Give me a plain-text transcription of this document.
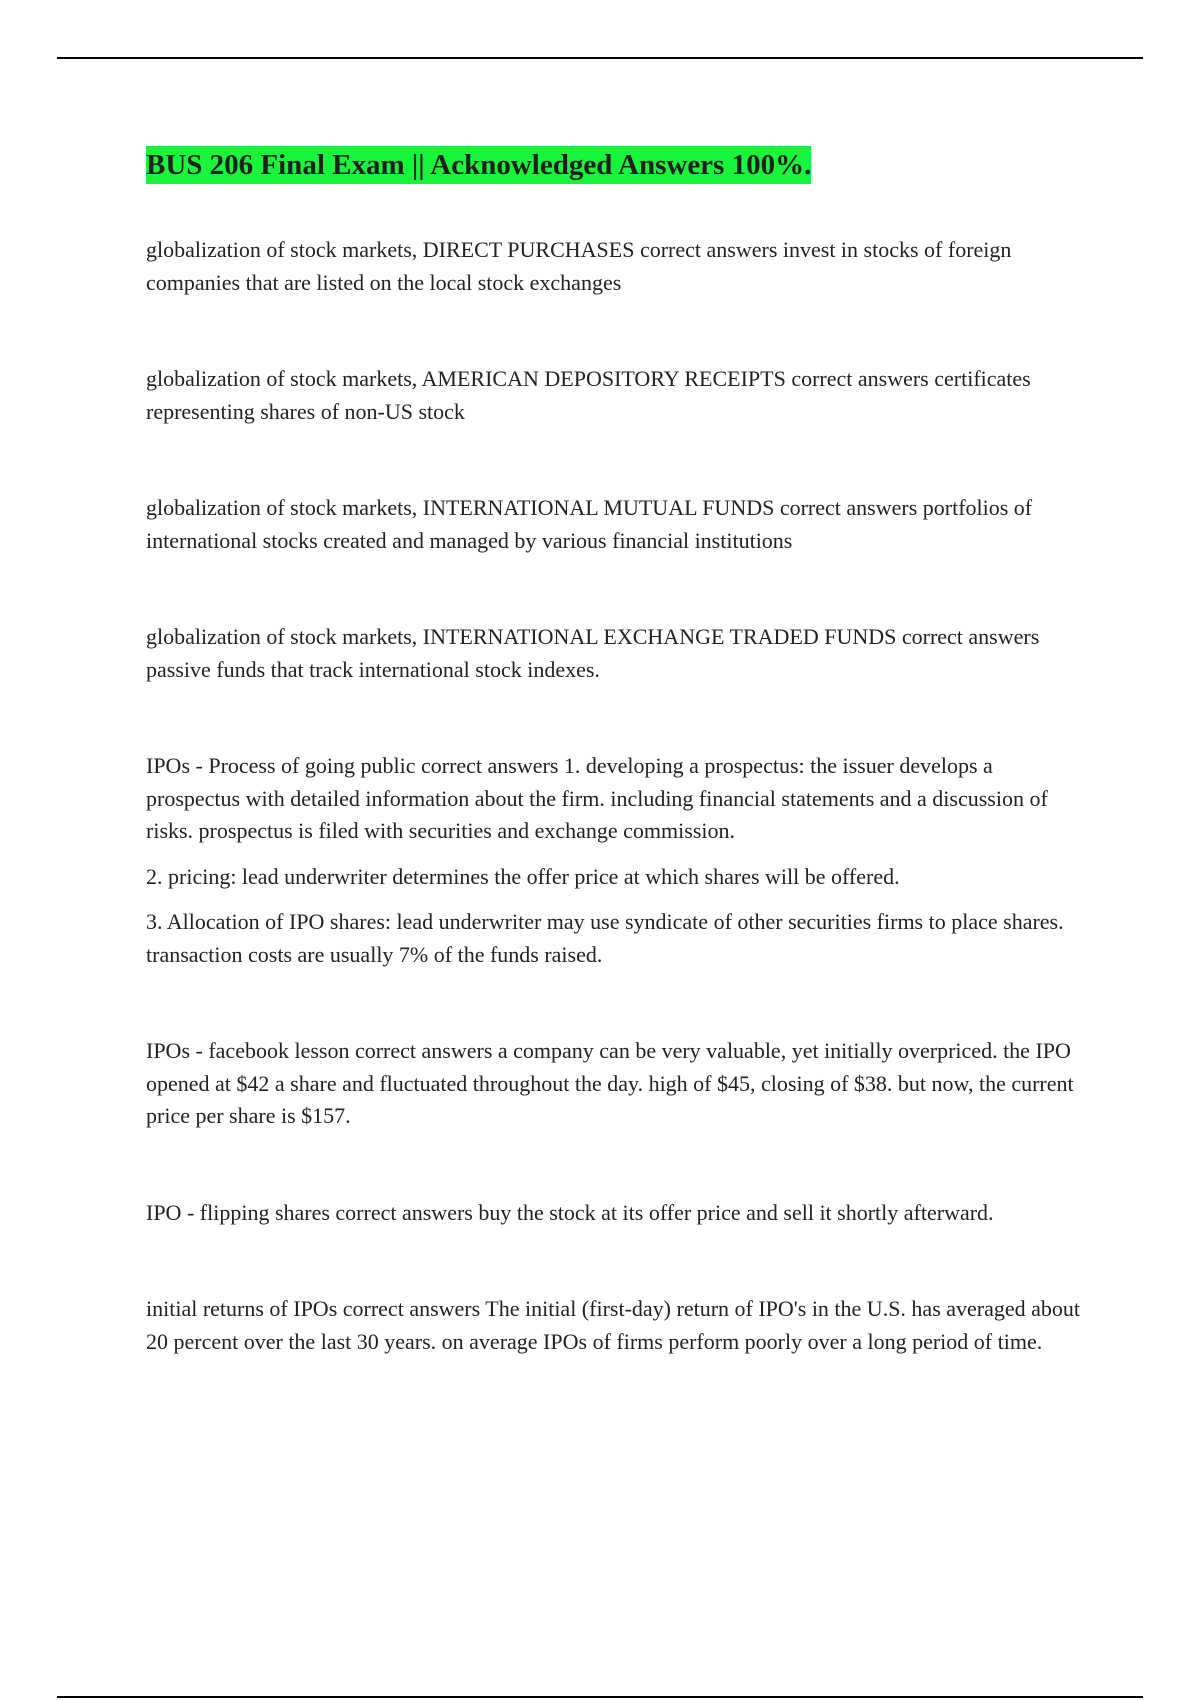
BUS 206 Final Exam || Acknowledged Answers 100%.

globalization of stock markets, DIRECT PURCHASES correct answers invest in stocks of foreign companies that are listed on the local stock exchanges

globalization of stock markets, AMERICAN DEPOSITORY RECEIPTS correct answers certificates representing shares of non-US stock

globalization of stock markets, INTERNATIONAL MUTUAL FUNDS correct answers portfolios of international stocks created and managed by various financial institutions

globalization of stock markets, INTERNATIONAL EXCHANGE TRADED FUNDS correct answers passive funds that track international stock indexes.

IPOs - Process of going public correct answers 1. developing a prospectus: the issuer develops a prospectus with detailed information about the firm. including financial statements and a discussion of risks. prospectus is filed with securities and exchange commission.

2. pricing: lead underwriter determines the offer price at which shares will be offered.

3. Allocation of IPO shares: lead underwriter may use syndicate of other securities firms to place shares. transaction costs are usually 7% of the funds raised.

IPOs - facebook lesson correct answers a company can be very valuable, yet initially overpriced. the IPO opened at $42 a share and fluctuated throughout the day. high of $45, closing of $38. but now, the current price per share is $157.

IPO - flipping shares correct answers buy the stock at its offer price and sell it shortly afterward.

initial returns of IPOs correct answers The initial (first-day) return of IPO's in the U.S. has averaged about 20 percent over the last 30 years. on average IPOs of firms perform poorly over a long period of time.
